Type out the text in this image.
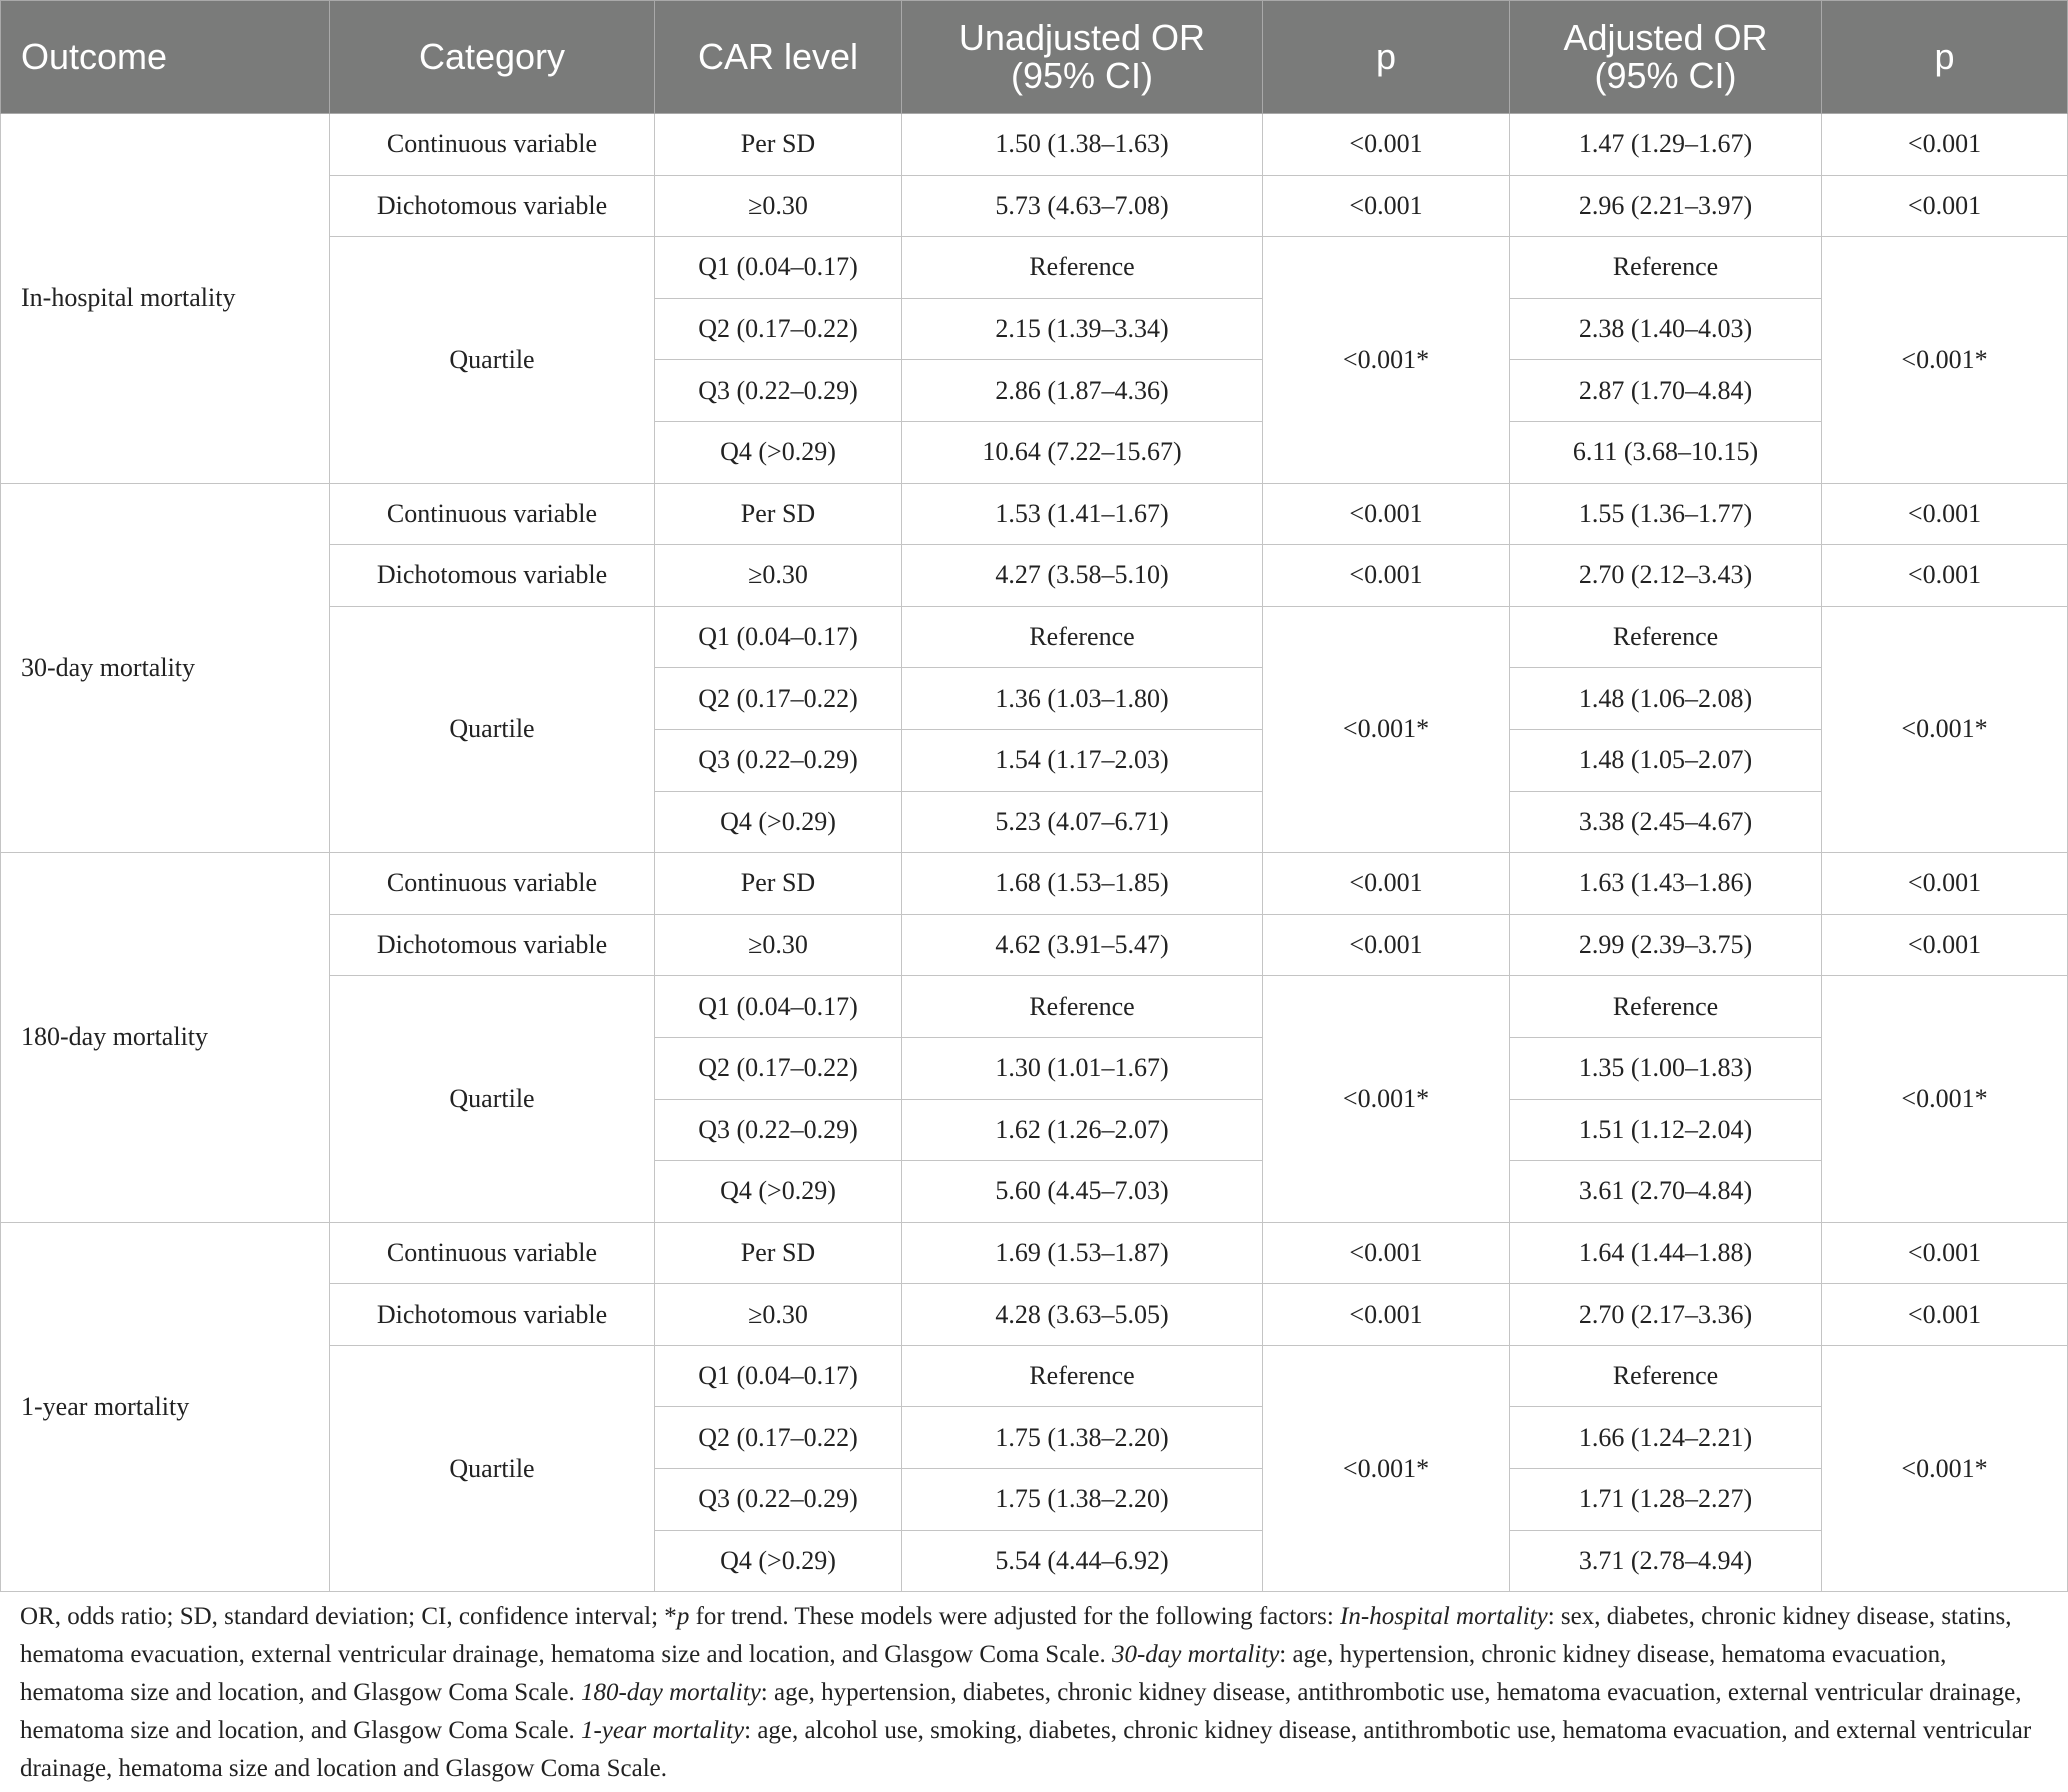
Outcome	Category	CAR level	Unadjusted OR (95% CI)	p	Adjusted OR (95% CI)	p
In-hospital mortality	Continuous variable	Per SD	1.50 (1.38–1.63)	<0.001	1.47 (1.29–1.67)	<0.001
	Dichotomous variable	≥0.30	5.73 (4.63–7.08)	<0.001	2.96 (2.21–3.97)	<0.001
	Quartile	Q1 (0.04–0.17)	Reference	<0.001*	Reference	<0.001*
		Q2 (0.17–0.22)	2.15 (1.39–3.34)		2.38 (1.40–4.03)	
		Q3 (0.22–0.29)	2.86 (1.87–4.36)		2.87 (1.70–4.84)	
		Q4 (>0.29)	10.64 (7.22–15.67)		6.11 (3.68–10.15)	
30-day mortality	Continuous variable	Per SD	1.53 (1.41–1.67)	<0.001	1.55 (1.36–1.77)	<0.001
	Dichotomous variable	≥0.30	4.27 (3.58–5.10)	<0.001	2.70 (2.12–3.43)	<0.001
	Quartile	Q1 (0.04–0.17)	Reference	<0.001*	Reference	<0.001*
		Q2 (0.17–0.22)	1.36 (1.03–1.80)		1.48 (1.06–2.08)	
		Q3 (0.22–0.29)	1.54 (1.17–2.03)		1.48 (1.05–2.07)	
		Q4 (>0.29)	5.23 (4.07–6.71)		3.38 (2.45–4.67)	
180-day mortality	Continuous variable	Per SD	1.68 (1.53–1.85)	<0.001	1.63 (1.43–1.86)	<0.001
	Dichotomous variable	≥0.30	4.62 (3.91–5.47)	<0.001	2.99 (2.39–3.75)	<0.001
	Quartile	Q1 (0.04–0.17)	Reference	<0.001*	Reference	<0.001*
		Q2 (0.17–0.22)	1.30 (1.01–1.67)		1.35 (1.00–1.83)	
		Q3 (0.22–0.29)	1.62 (1.26–2.07)		1.51 (1.12–2.04)	
		Q4 (>0.29)	5.60 (4.45–7.03)		3.61 (2.70–4.84)	
1-year mortality	Continuous variable	Per SD	1.69 (1.53–1.87)	<0.001	1.64 (1.44–1.88)	<0.001
	Dichotomous variable	≥0.30	4.28 (3.63–5.05)	<0.001	2.70 (2.17–3.36)	<0.001
	Quartile	Q1 (0.04–0.17)	Reference	<0.001*	Reference	<0.001*
		Q2 (0.17–0.22)	1.75 (1.38–2.20)		1.66 (1.24–2.21)	
		Q3 (0.22–0.29)	1.75 (1.38–2.20)		1.71 (1.28–2.27)	
		Q4 (>0.29)	5.54 (4.44–6.92)		3.71 (2.78–4.94)	
OR, odds ratio; SD, standard deviation; CI, confidence interval; *p for trend. These models were adjusted for the following factors: In-hospital mortality: sex, diabetes, chronic kidney disease, statins, hematoma evacuation, external ventricular drainage, hematoma size and location, and Glasgow Coma Scale. 30-day mortality: age, hypertension, chronic kidney disease, hematoma evacuation, hematoma size and location, and Glasgow Coma Scale. 180-day mortality: age, hypertension, diabetes, chronic kidney disease, antithrombotic use, hematoma evacuation, external ventricular drainage, hematoma size and location, and Glasgow Coma Scale. 1-year mortality: age, alcohol use, smoking, diabetes, chronic kidney disease, antithrombotic use, hematoma evacuation, and external ventricular drainage, hematoma size and location and Glasgow Coma Scale.
